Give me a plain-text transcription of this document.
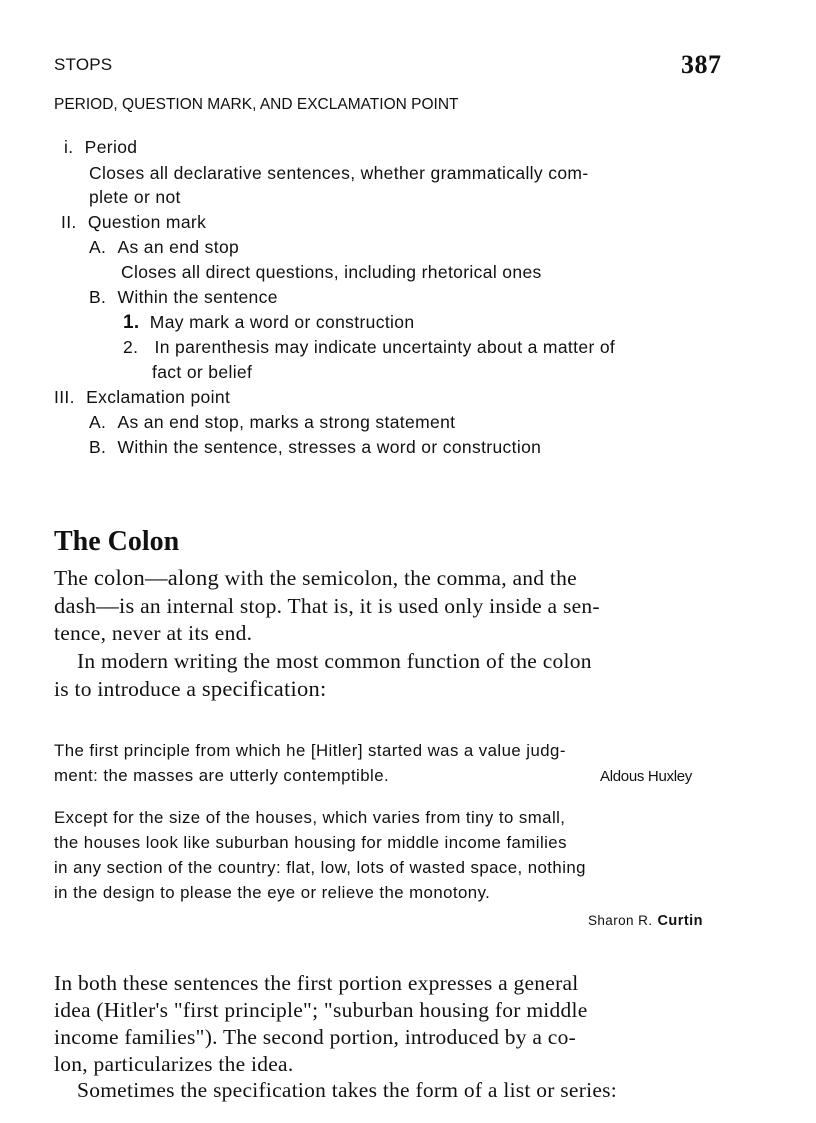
STOPS	387
PERIOD, QUESTION MARK, AND EXCLAMATION POINT
i. Period
Closes all declarative sentences, whether grammatically com-
plete or not
II. Question mark
A. As an end stop
Closes all direct questions, including rhetorical ones
B. Within the sentence
1. May mark a word or construction
2. In parenthesis may indicate uncertainty about a matter of
fact or belief
III. Exclamation point
A. As an end stop, marks a strong statement
B. Within the sentence, stresses a word or construction
The Colon
The colon—along with the semicolon, the comma, and the
dash—is an internal stop. That is, it is used only inside a sen-
tence, never at its end.
In modern writing the most common function of the colon
is to introduce a specification:
The first principle from which he [Hitler] started was a value judg-
ment: the masses are utterly contemptible.	Aldous Huxley
Except for the size of the houses, which varies from tiny to small,
the houses look like suburban housing for middle income families
in any section of the country: flat, low, lots of wasted space, nothing
in the design to please the eye or relieve the monotony.
Sharon R. Curtin
In both these sentences the first portion expresses a general
idea (Hitler's "first principle"; "suburban housing for middle
income families"). The second portion, introduced by a co-
lon, particularizes the idea.
Sometimes the specification takes the form of a list or series:
